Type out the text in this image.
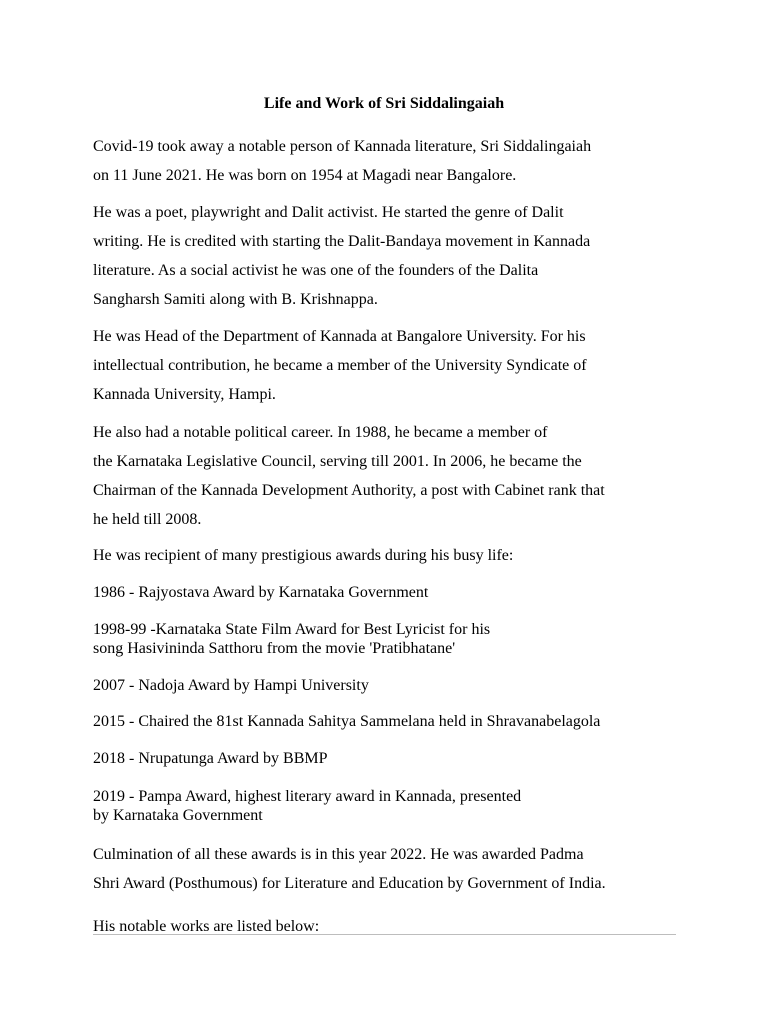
Life and Work of Sri Siddalingaiah

Covid-19 took away a notable person of Kannada literature, Sri Siddalingaiah
on 11 June 2021. He was born on 1954 at Magadi near Bangalore.

He was a poet, playwright and Dalit activist. He started the genre of Dalit
writing. He is credited with starting the Dalit-Bandaya movement in Kannada
literature. As a social activist he was one of the founders of the Dalita
Sangharsh Samiti along with B. Krishnappa.

He was Head of the Department of Kannada at Bangalore University. For his
intellectual contribution, he became a member of the University Syndicate of
Kannada University, Hampi.

He also had a notable political career. In 1988, he became a member of
the Karnataka Legislative Council, serving till 2001. In 2006, he became the
Chairman of the Kannada Development Authority, a post with Cabinet rank that
he held till 2008.

He was recipient of many prestigious awards during his busy life:

1986 - Rajyostava Award by Karnataka Government

1998-99 -Karnataka State Film Award for Best Lyricist for his
song Hasivininda Satthoru from the movie 'Pratibhatane'

2007 - Nadoja Award by Hampi University

2015 - Chaired the 81st Kannada Sahitya Sammelana held in Shravanabelagola

2018 - Nrupatunga Award by BBMP

2019 - Pampa Award, highest literary award in Kannada, presented
by Karnataka Government

Culmination of all these awards is in this year 2022. He was awarded Padma
Shri Award (Posthumous) for Literature and Education by Government of India.

His notable works are listed below:
